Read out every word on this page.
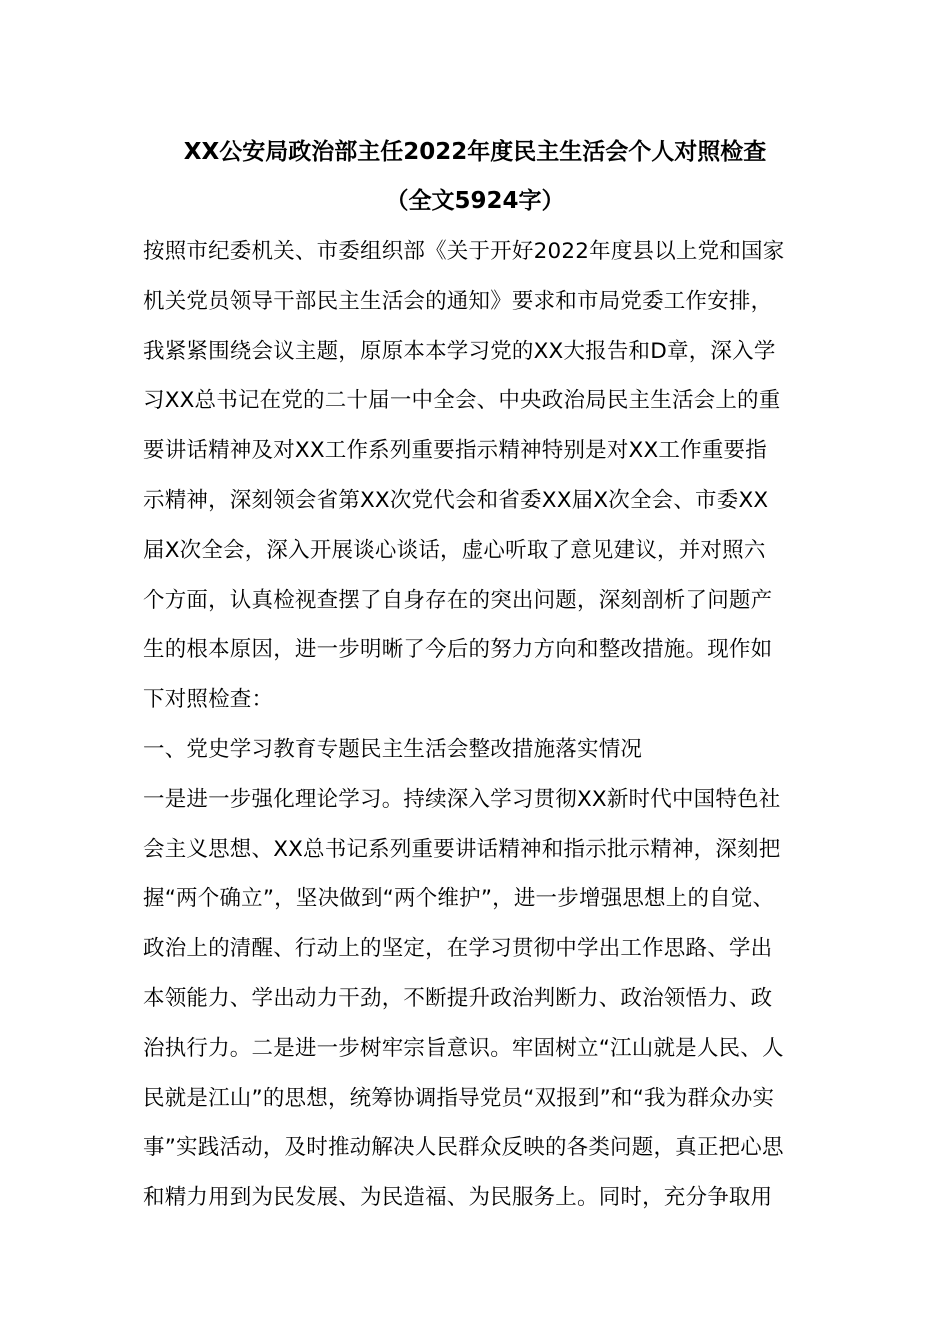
XX公安局政治部主任2022年度民主生活会个人对照检查
（全文5924字）
按照市纪委机关、市委组织部《关于开好2022年度县以上党和国家
机关党员领导干部民主生活会的通知》要求和市局党委工作安排，
我紧紧围绕会议主题，原原本本学习党的XX大报告和D章，深入学
习XX总书记在党的二十届一中全会、中央政治局民主生活会上的重
要讲话精神及对XX工作系列重要指示精神特别是对XX工作重要指
示精神，深刻领会省第XX次党代会和省委XX届X次全会、市委XX
届X次全会，深入开展谈心谈话，虚心听取了意见建议，并对照六
个方面，认真检视查摆了自身存在的突出问题，深刻剖析了问题产
生的根本原因，进一步明晰了今后的努力方向和整改措施。现作如
下对照检查：
一、党史学习教育专题民主生活会整改措施落实情况
一是进一步强化理论学习。持续深入学习贯彻XX新时代中国特色社
会主义思想、XX总书记系列重要讲话精神和指示批示精神，深刻把
握“两个确立”，坚决做到“两个维护”，进一步增强思想上的自觉、
政治上的清醒、行动上的坚定，在学习贯彻中学出工作思路、学出
本领能力、学出动力干劲，不断提升政治判断力、政治领悟力、政
治执行力。二是进一步树牢宗旨意识。牢固树立“江山就是人民、人
民就是江山”的思想，统筹协调指导党员“双报到”和“我为群众办实
事”实践活动，及时推动解决人民群众反映的各类问题，真正把心思
和精力用到为民发展、为民造福、为民服务上。同时，充分争取用
